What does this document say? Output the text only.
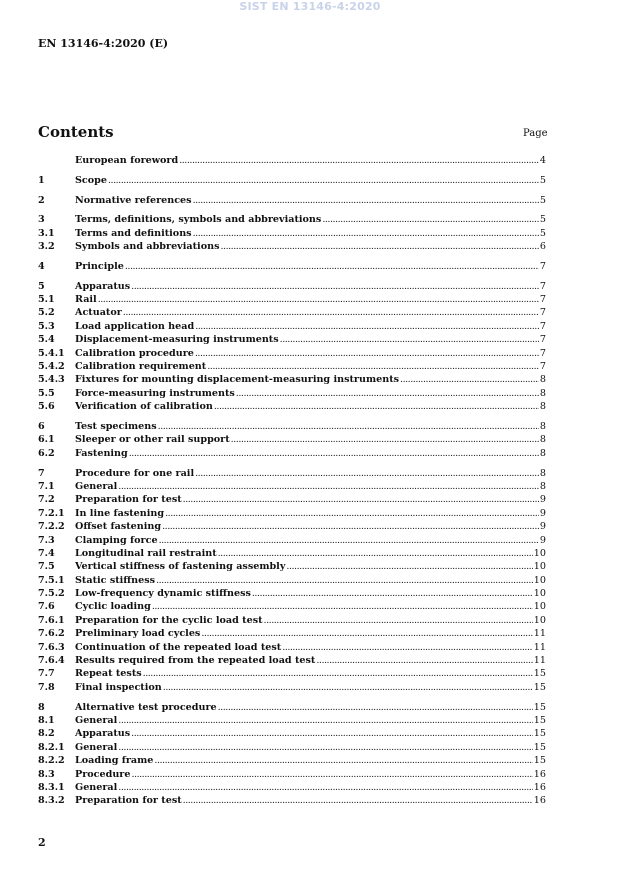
SIST EN 13146-4:2020
EN 13146-4:2020 (E)
Contents	Page
European foreword .....	4
1	Scope .....	5
2	Normative references .....	5
3	Terms, definitions, symbols and abbreviations .....	5
3.1	Terms and definitions .....	5
3.2	Symbols and abbreviations .....	6
4	Principle .....	7
5	Apparatus .....	7
5.1	Rail .....	7
5.2	Actuator .....	7
5.3	Load application head .....	7
5.4	Displacement-measuring instruments .....	7
5.4.1	Calibration procedure .....	7
5.4.2	Calibration requirement .....	7
5.4.3	Fixtures for mounting displacement-measuring instruments .....	8
5.5	Force-measuring instruments .....	8
5.6	Verification of calibration .....	8
6	Test specimens .....	8
6.1	Sleeper or other rail support .....	8
6.2	Fastening .....	8
7	Procedure for one rail .....	8
7.1	General .....	8
7.2	Preparation for test .....	9
7.2.1	In line fastening .....	9
7.2.2	Offset fastening .....	9
7.3	Clamping force .....	9
7.4	Longitudinal rail restraint .....	10
7.5	Vertical stiffness of fastening assembly .....	10
7.5.1	Static stiffness .....	10
7.5.2	Low-frequency dynamic stiffness .....	10
7.6	Cyclic loading .....	10
7.6.1	Preparation for the cyclic load test .....	10
7.6.2	Preliminary load cycles .....	11
7.6.3	Continuation of the repeated load test .....	11
7.6.4	Results required from the repeated load test .....	11
7.7	Repeat tests .....	15
7.8	Final inspection .....	15
8	Alternative test procedure .....	15
8.1	General .....	15
8.2	Apparatus .....	15
8.2.1	General .....	15
8.2.2	Loading frame .....	15
8.3	Procedure .....	16
8.3.1	General .....	16
8.3.2	Preparation for test .....	16
2
